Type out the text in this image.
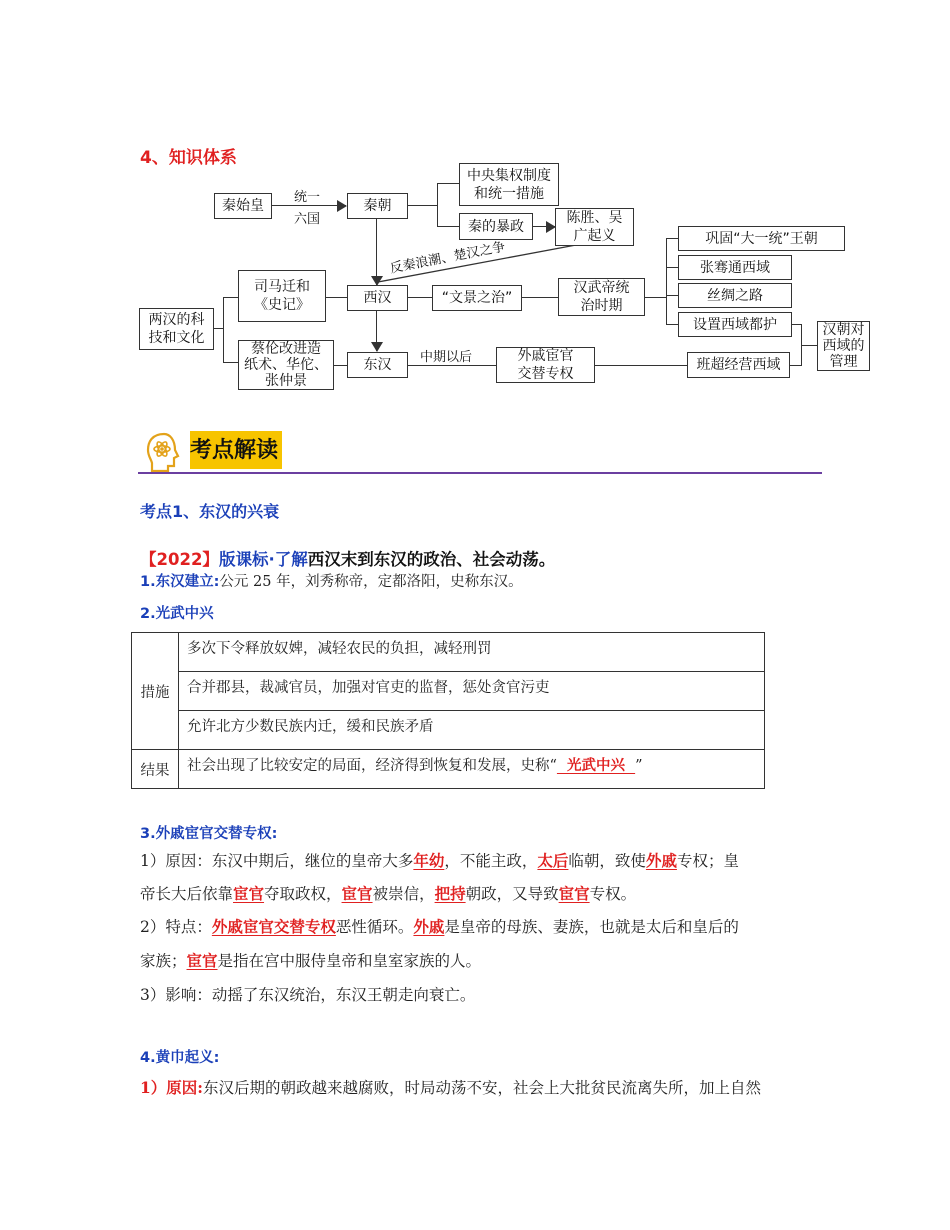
4、知识体系
秦始皇
统一
六国
秦朝
中央集权制度
和统一措施
秦的暴政
陈胜、吴
广起义
反秦浪潮、楚汉之争
司马迁和
《史记》	西汉	“文景之治”
汉武帝统
治时期
巩固“大一统”王朝
张骞通西域
丝绸之路
设置西域都护	汉朝对
西域的
管理
两汉的科
技和文化
蔡伦改进造
纸术、华佗、
张仲景
东汉 中期以后	外戚宦官
交替专权
班超经营西域
考点解读
考点1、东汉的兴衰
【2022】版课标·了解西汉末到东汉的政治、社会动荡。
1.东汉建立:公元 25 年，刘秀称帝，定都洛阳，史称东汉。
2.光武中兴
措施	多次下令释放奴婢，减轻农民的负担，减轻刑罚
	合并郡县，裁减官员，加强对官吏的监督，惩处贪官污吏
	允许北方少数民族内迁，缓和民族矛盾
结果	社会出现了比较安定的局面，经济得到恢复和发展，史称“  光武中兴  ”
3.外戚宦官交替专权:
1）原因：东汉中期后，继位的皇帝大多年幼，不能主政，太后临朝，致使外戚专权；皇
帝长大后依靠宦官夺取政权，宦官被崇信，把持朝政，又导致宦官专权。
2）特点：外戚宦官交替专权恶性循环。外戚是皇帝的母族、妻族，也就是太后和皇后的
家族；宦官是指在宫中服侍皇帝和皇室家族的人。
3）影响：动摇了东汉统治，东汉王朝走向衰亡。
4.黄巾起义:
1）原因:东汉后期的朝政越来越腐败，时局动荡不安，社会上大批贫民流离失所，加上自然
